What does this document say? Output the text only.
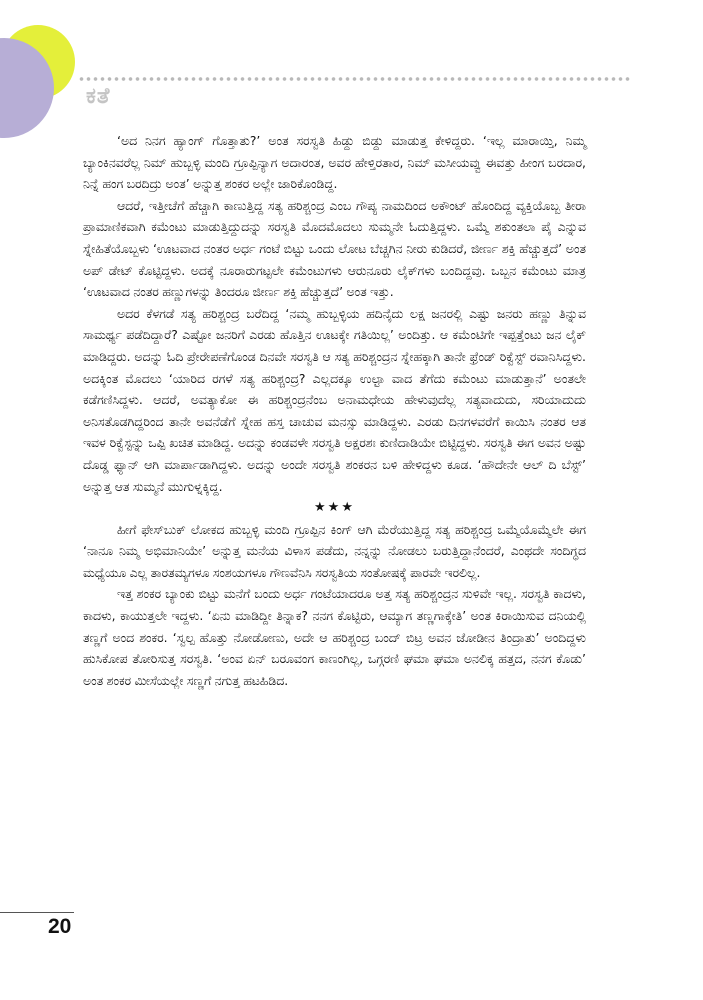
ಕತೆ

‘ಅದ ನಿನಗ ಹ್ಯಾಂಗ್ ಗೊತ್ತಾತು?’ ಅಂತ ಸರಸ್ವತಿ ಹಿಡ್ದು ಬಿಡ್ದು ಮಾಡುತ್ತ ಕೇಳಿದ್ದರು. ‘ಇಲ್ಲ ಮಾರಾಯ್ತಿ, ನಿಮ್ಮ ಬ್ಯಾಂಕಿನವರೆಲ್ಲ ನಿಮ್ ಹುಬ್ಬಳ್ಳಿ ಮಂದಿ ಗ್ರೂಪ್ಪಿನ್ಯಾಗ ಅದಾರಂತ, ಅವರ ಹೇಳ್ತಿರತಾರ, ನಿಮ್ ಮಸೀಯವ್ವು ಈವತ್ತು ಹೀಂಗ ಬರದಾರ, ನಿನ್ನೆ ಹಂಗ ಬರದಿದ್ರು ಅಂತ’ ಅನ್ನುತ್ತ ಶಂಕರ ಅಲ್ಲೇ ಜಾರಿಕೊಂಡಿದ್ದ.

ಆದರೆ, ಇತ್ತೀಚೆಗೆ ಹೆಚ್ಚಾಗಿ ಕಾಣುತ್ತಿದ್ದ ಸತ್ಯ ಹರಿಶ್ಚಂದ್ರ ಎಂಬ ಗೌಪ್ಯ ನಾಮದಿಂದ ಅಕೌಂಟ್ ಹೊಂದಿದ್ದ ವ್ಯಕ್ತಿಯೊಬ್ಬ ತೀರಾ ಪ್ರಾಮಾಣಿಕವಾಗಿ ಕಮೆಂಟು ಮಾಡುತ್ತಿದ್ದುದನ್ನು ಸರಸ್ವತಿ ಮೊದಮೊದಲು ಸುಮ್ಮನೇ ಓದುತ್ತಿದ್ದಳು. ಒಮ್ಮೆ ಶಕುಂತಲಾ ಪೈ ಎನ್ನುವ ಸ್ನೇಹಿತೆಯೊಬ್ಬಳು ‘ಊಟವಾದ ನಂತರ ಅರ್ಧ ಗಂಟೆ ಬಿಟ್ಟು ಒಂದು ಲೋಟ ಬೆಚ್ಚಗಿನ ನೀರು ಕುಡಿದರೆ, ಜೀರ್ಣ ಶಕ್ತಿ ಹೆಚ್ಚುತ್ತದೆ’ ಅಂತ ಅಪ್ ಡೇಟ್ ಕೊಟ್ಟಿದ್ದಳು. ಅದಕ್ಕೆ ನೂರಾರುಗಟ್ಟಲೇ ಕಮೆಂಟುಗಳು ಆರುನೂರು ಲೈಕ್‌ಗಳು ಬಂದಿದ್ದವು. ಒಬ್ಬನ ಕಮೆಂಟು ಮಾತ್ರ ‘ಊಟವಾದ ನಂತರ ಹಣ್ಣುಗಳನ್ನು ತಿಂದರೂ ಜೀರ್ಣ ಶಕ್ತಿ ಹೆಚ್ಚುತ್ತದೆ’ ಅಂತ ಇತ್ತು.

ಅದರ ಕೆಳಗಡೆ ಸತ್ಯ ಹರಿಶ್ಚಂದ್ರ ಬರೆದಿದ್ದ ‘ನಮ್ಮ ಹುಬ್ಬಳ್ಳಿಯ ಹದಿನೈದು ಲಕ್ಷ ಜನರಲ್ಲಿ ಎಷ್ಟು ಜನರು ಹಣ್ಣು ತಿನ್ನುವ ಸಾಮರ್ಥ್ಯ ಪಡೆದಿದ್ದಾರೆ? ಎಷ್ಟೋ ಜನರಿಗೆ ಎರಡು ಹೊತ್ತಿನ ಊಟಕ್ಕೇ ಗತಿಯಿಲ್ಲ’ ಅಂದಿತ್ತು. ಆ ಕಮೆಂಟಿಗೇ ಇಪ್ಪತ್ತೆಂಟು ಜನ ಲೈಕ್ ಮಾಡಿದ್ದರು. ಅದನ್ನು ಓದಿ ಪ್ರೇರೇಪಣೆಗೊಂಡ ದಿನವೇ ಸರಸ್ವತಿ ಆ ಸತ್ಯ ಹರಿಶ್ಚಂದ್ರನ ಸ್ನೇಹಕ್ಕಾಗಿ ತಾನೇ ಫ್ರೆಂಡ್ ರಿಕ್ವೆಸ್ಟ್ ರವಾನಿಸಿದ್ದಳು. ಅದಕ್ಕಿಂತ ಮೊದಲು ‘ಯಾರಿದ ರಗಳೆ ಸತ್ಯ ಹರಿಶ್ಚಂದ್ರ? ಎಲ್ಲದಕ್ಕೂ ಉಲ್ಟಾ ವಾದ ತೆಗೆದು ಕಮೆಂಟು ಮಾಡುತ್ತಾನೆ’ ಅಂತಲೇ ಕಡೆಗಣಿಸಿದ್ದಳು. ಆದರೆ, ಅವತ್ಯಾಕೋ ಈ ಹರಿಶ್ಚಂದ್ರನೆಂಬ ಅನಾಮಧೇಯ ಹೇಳುವುದೆಲ್ಲ ಸತ್ಯವಾದುದು, ಸರಿಯಾದುದು ಅನಿಸತೊಡಗಿದ್ದರಿಂದ ತಾನೇ ಅವನೆಡೆಗೆ ಸ್ನೇಹ ಹಸ್ತ ಚಾಚುವ ಮನಸ್ಸು ಮಾಡಿದ್ದಳು. ಎರಡು ದಿನಗಳವರೆಗೆ ಕಾಯಿಸಿ ನಂತರ ಆತ ಇವಳ ರಿಕ್ವೆಸ್ಟನ್ನು ಒಪ್ಪಿ ಖಚಿತ ಮಾಡಿದ್ದ. ಅದನ್ನು ಕಂಡವಳೇ ಸರಸ್ವತಿ ಅಕ್ಷರಶಃ ಕುಣಿದಾಡಿಯೇ ಬಿಟ್ಟಿದ್ದಳು. ಸರಸ್ವತಿ ಈಗ ಅವನ ಅಷ್ಟು ದೊಡ್ಡ ಫ್ಯಾನ್ ಆಗಿ ಮಾರ್ಪಾಡಾಗಿದ್ದಳು. ಅದನ್ನು ಅಂದೇ ಸರಸ್ವತಿ ಶಂಕರನ ಬಳಿ ಹೇಳಿದ್ದಳು ಕೂಡ. ‘ಹೌದೇನೇ ಆಲ್ ದಿ ಬೆಸ್ಟ್’ ಅನ್ನುತ್ತ ಆತ ಸುಮ್ಮನೆ ಮುಗುಳ್ನಕ್ಕಿದ್ದ.

★★★

ಹೀಗೆ ಫೇಸ್‌ಬುಕ್ ಲೋಕದ ಹುಬ್ಬಳ್ಳಿ ಮಂದಿ ಗ್ರೂಪ್ಪಿನ ಕಿಂಗ್ ಆಗಿ ಮೆರೆಯುತ್ತಿದ್ದ ಸತ್ಯ ಹರಿಶ್ಚಂದ್ರ ಒಮ್ಮೆಯೊಮ್ಮೆಲೇ ಈಗ ‘ನಾನೂ ನಿಮ್ಮ ಅಭಿಮಾನಿಯೇ’ ಅನ್ನುತ್ತ ಮನೆಯ ವಿಳಾಸ ಪಡೆದು, ನನ್ನನ್ನು ನೋಡಲು ಬರುತ್ತಿದ್ದಾನೆಂದರೆ, ಎಂಥದೇ ಸಂದಿಗ್ಧದ ಮಧ್ಯೆಯೂ ಎಲ್ಲ ತಾರತಮ್ಯಗಳೂ ಸಂಶಯಗಳೂ ಗೌಣವೆನಿಸಿ ಸರಸ್ವತಿಯ ಸಂತೋಷಕ್ಕೆ ಪಾರವೇ ಇರಲಿಲ್ಲ.

ಇತ್ತ ಶಂಕರ ಬ್ಯಾಂಕು ಬಿಟ್ಟು ಮನೆಗೆ ಬಂದು ಅರ್ಧ ಗಂಟೆಯಾದರೂ ಅತ್ತ ಸತ್ಯ ಹರಿಶ್ಚಂದ್ರನ ಸುಳಿವೇ ಇಲ್ಲ. ಸರಸ್ವತಿ ಕಾದಳು, ಕಾದಳು, ಕಾಯುತ್ತಲೇ ಇದ್ದಳು. ‘ಏನು ಮಾಡಿದ್ದೀ ತಿನ್ನಾಕ? ನನಗ ಕೊಟ್ಟಿರು, ಆಮ್ಯಾಗ ತಣ್ಣಗಾಕ್ಕೇತಿ’ ಅಂತ ಕಿರಾಯಿಸುವ ದನಿಯಲ್ಲಿ ತಣ್ಣಗೆ ಅಂದ ಶಂಕರ. ‘ಸ್ವಲ್ಪ ಹೊತ್ತು ನೋಡೋಣು, ಅದೇ ಆ ಹರಿಶ್ಚಂದ್ರ ಬಂದ್ ಬಿಟ್ರ ಅವನ ಜೋಡೀನ ತಿಂದ್ರಾತು’ ಅಂದಿದ್ದಳು ಹುಸಿಕೋಪ ತೋರಿಸುತ್ತ ಸರಸ್ವತಿ. ‘ಅಂವ ಏನ್ ಬರೂವಂಗ ಕಾಣಂಗಿಲ್ಲ, ಒಗ್ಗರಣಿ ಘಮಾ ಘಮಾ ಅನಲಿಕ್ಕ ಹತ್ತದ, ನನಗ ಕೊಡು’ ಅಂತ ಶಂಕರ ಮೀಸೆಯಲ್ಲೇ ಸಣ್ಣಗೆ ನಗುತ್ತ ಹಟಹಿಡಿದ.

20
